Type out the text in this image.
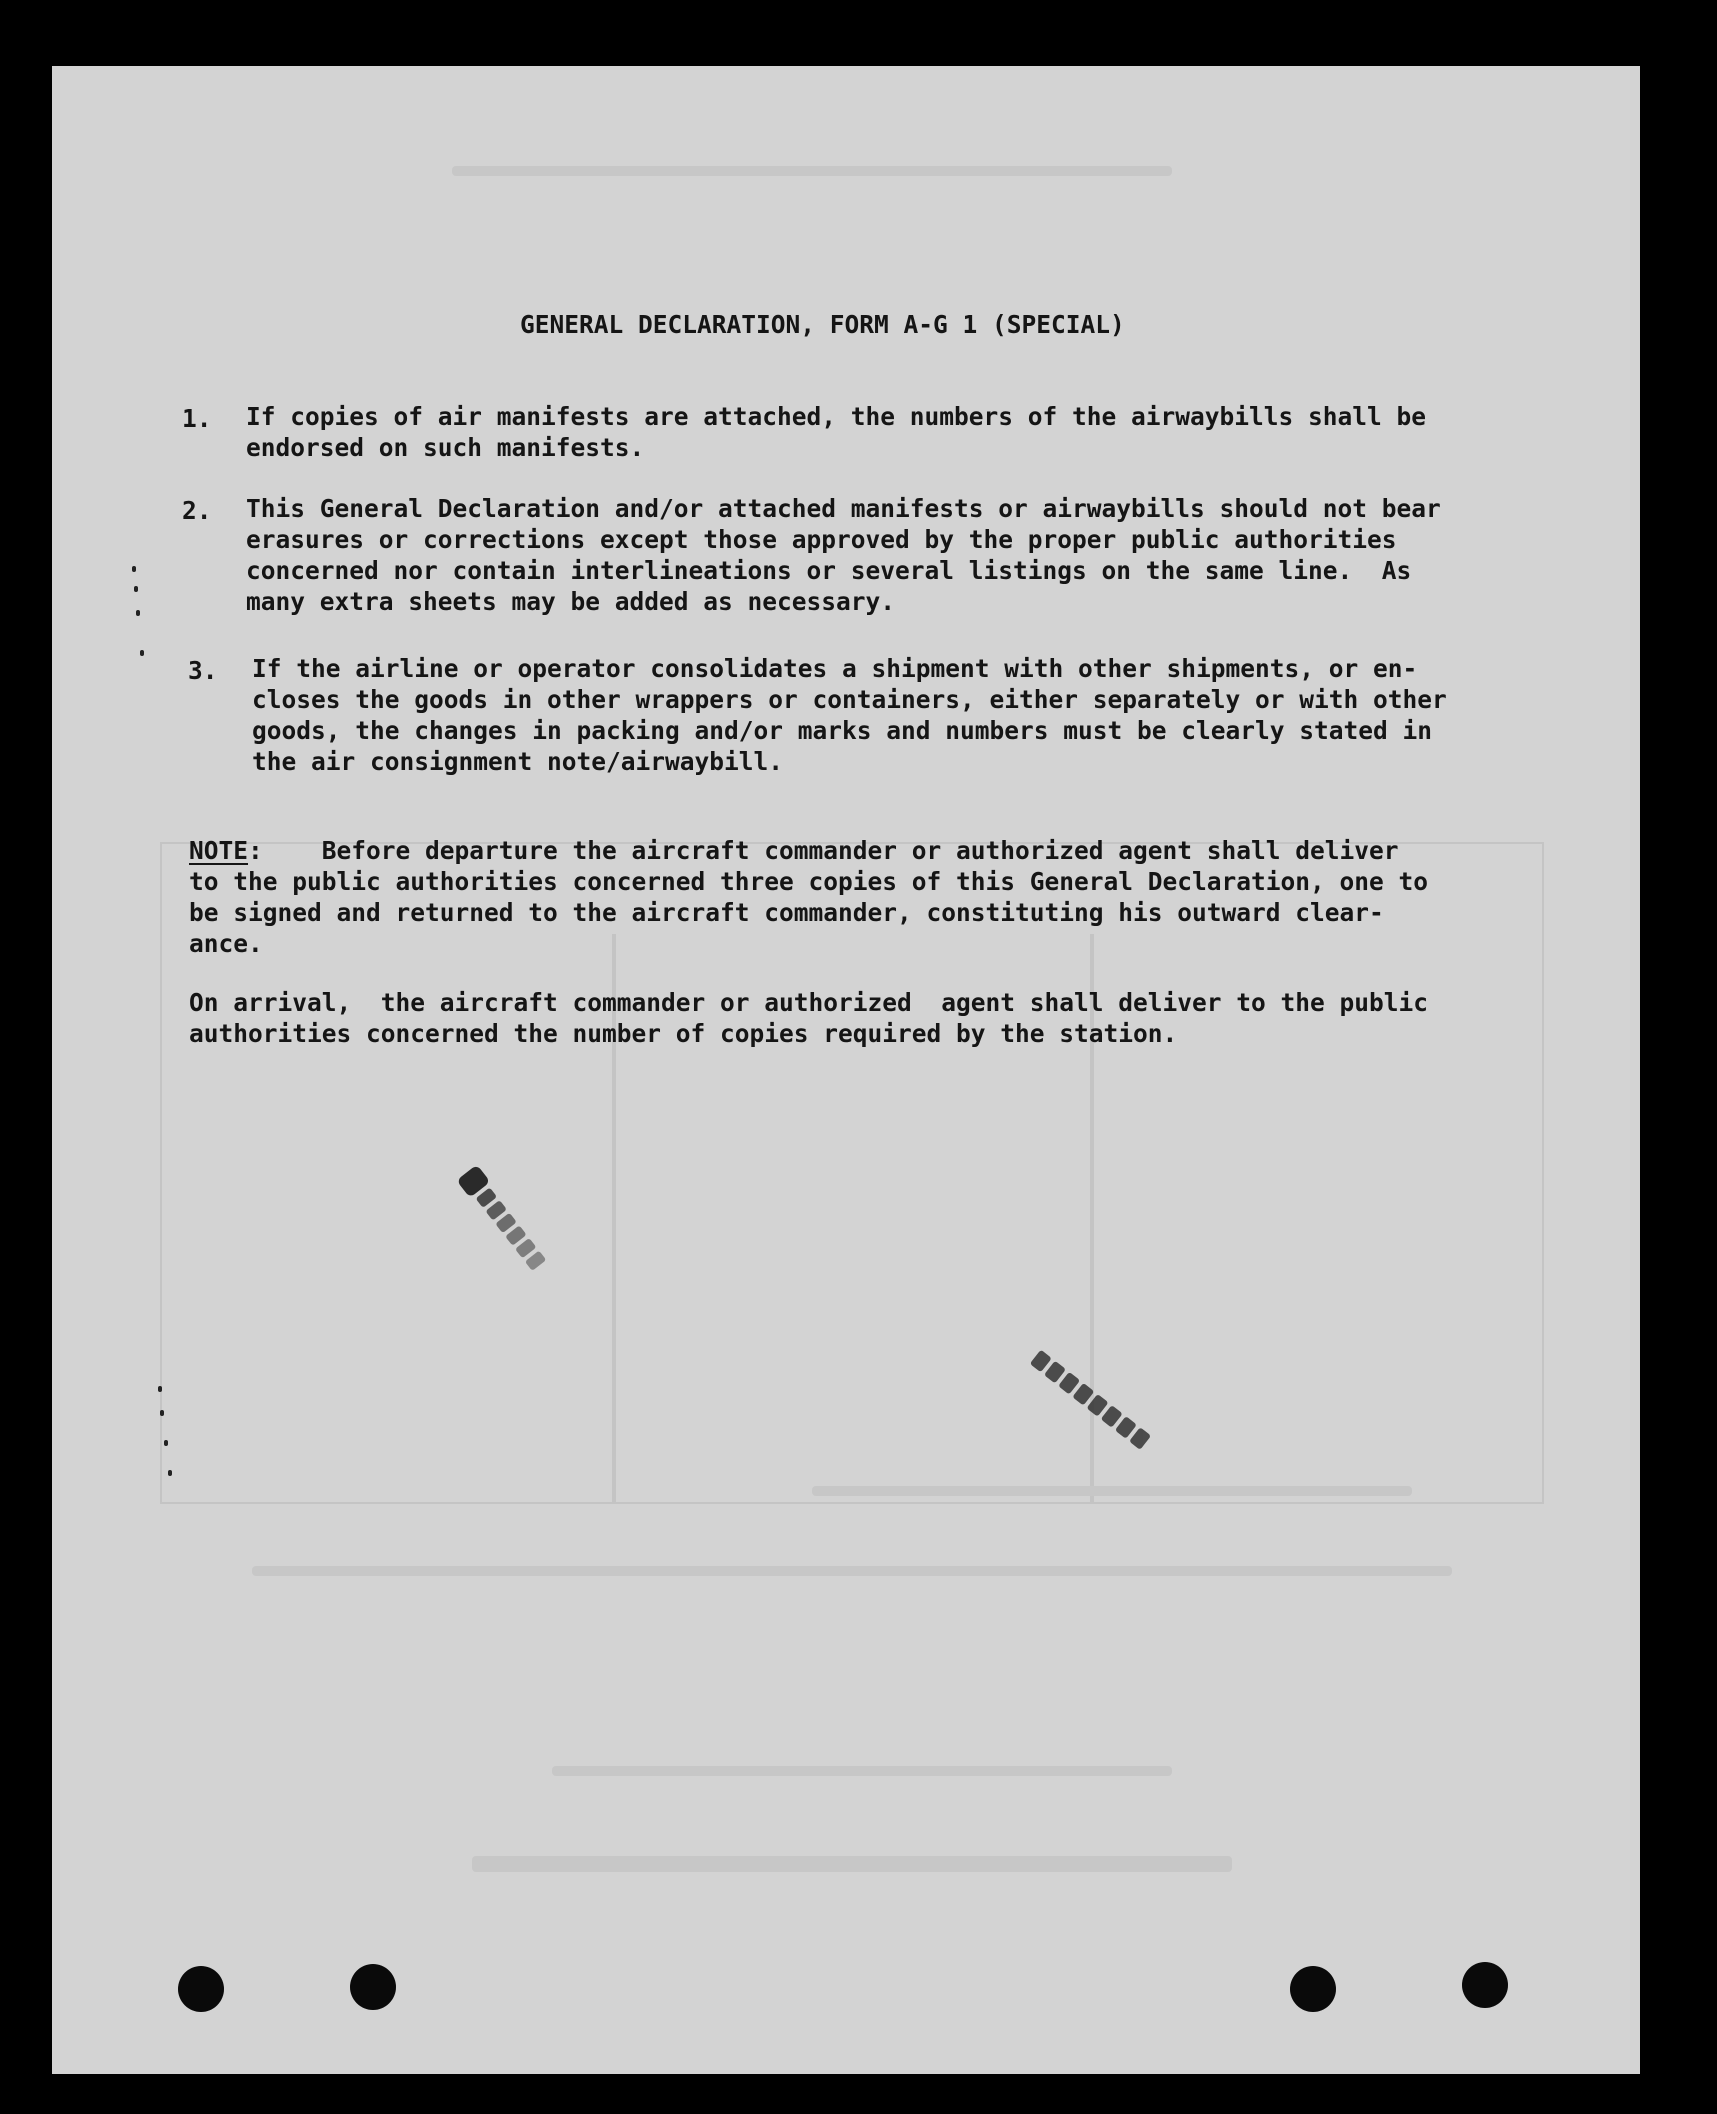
GENERAL DECLARATION, FORM A-G 1 (SPECIAL)
1. If copies of air manifests are attached, the numbers of the airwaybills shall be
endorsed on such manifests.
2. This General Declaration and/or attached manifests or airwaybills should not bear
erasures or corrections except those approved by the proper public authorities
concerned nor contain interlineations or several listings on the same line.  As
many extra sheets may be added as necessary.
3. If the airline or operator consolidates a shipment with other shipments, or en-
closes the goods in other wrappers or containers, either separately or with other
goods, the changes in packing and/or marks and numbers must be clearly stated in
the air consignment note/airwaybill.
NOTE:    Before departure the aircraft commander or authorized agent shall deliver
to the public authorities concerned three copies of this General Declaration, one to
be signed and returned to the aircraft commander, constituting his outward clear-
ance.
On arrival,  the aircraft commander or authorized  agent shall deliver to the public
authorities concerned the number of copies required by the station.
